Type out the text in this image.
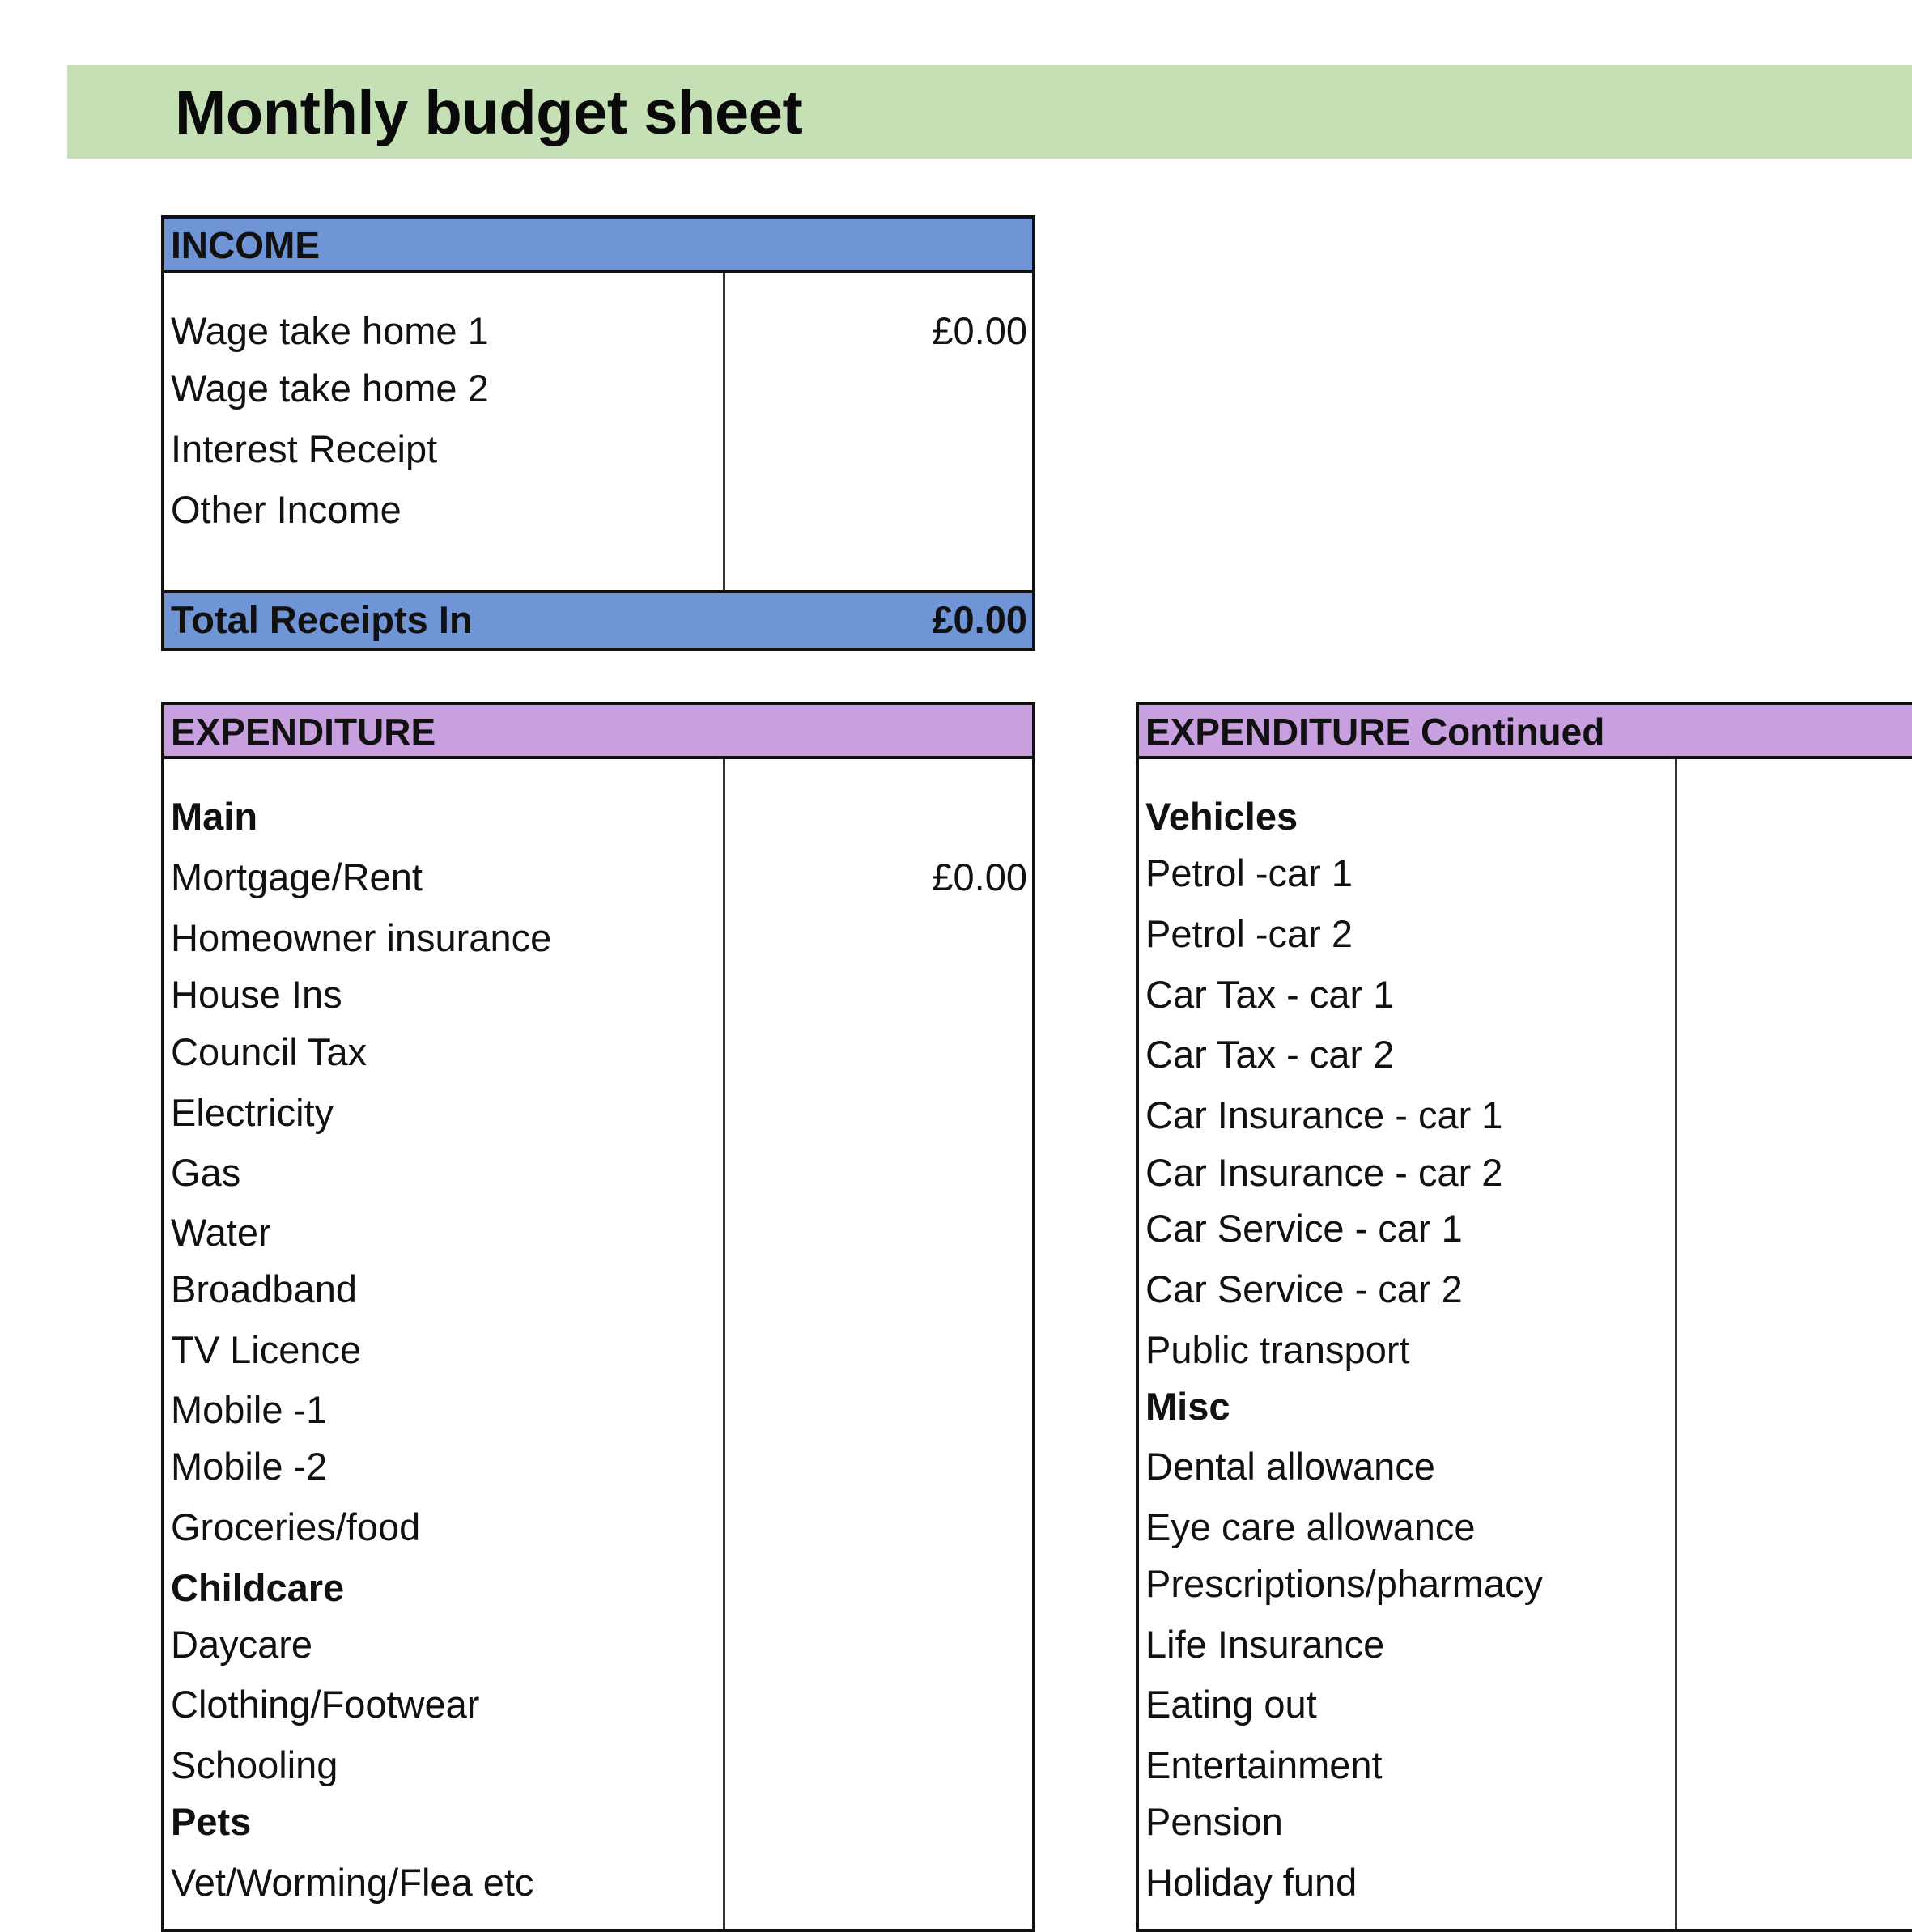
Monthly budget sheet
INCOME
Wage take home 1	£0.00
Wage take home 2
Interest Receipt
Other Income
Total Receipts In	£0.00
EXPENDITURE
Main
Mortgage/Rent	£0.00
Homeowner insurance
House Ins
Council Tax
Electricity
Gas
Water
Broadband
TV Licence
Mobile -1
Mobile -2
Groceries/food
Childcare
Daycare
Clothing/Footwear
Schooling
Pets
Vet/Worming/Flea etc
EXPENDITURE Continued
Vehicles
Petrol -car 1
Petrol -car 2
Car Tax - car 1
Car Tax - car 2
Car Insurance - car 1
Car Insurance - car 2
Car Service - car 1
Car Service - car 2
Public transport
Misc
Dental allowance
Eye care allowance
Prescriptions/pharmacy
Life Insurance
Eating out
Entertainment
Pension
Holiday fund
